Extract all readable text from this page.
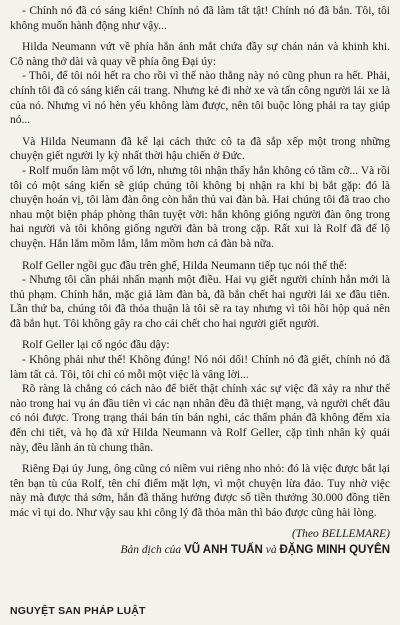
- Chính nó đã có sáng kiến! Chính nó đã làm tất tật! Chính nó đã bắn. Tôi, tôi không muốn hành động như vậy...

Hilda Neumann vứt về phía hắn ánh mắt chứa đầy sự chán nản và khinh khi. Cô nàng thở dài và quay về phía ông Đại úy:

- Thôi, để tôi nói hết ra cho rồi vì thế nào thằng này nó cũng phun ra hết. Phải, chính tôi đã có sáng kiến cái trang. Nhưng kẻ đi nhờ xe và tấn công người lái xe là của nó. Nhưng vì nó hèn yếu không làm được, nên tôi buộc lòng phải ra tay giúp nó...

Và Hilda Neumann đã kể lại cách thức cô ta đã sắp xếp một trong những chuyện giết người ly kỳ nhất thời hậu chiến ở Đức.

- Rolf muốn làm một vố lớn, nhưng tôi nhận thấy hắn không có tầm cỡ... Và rồi tôi có một sáng kiến sẽ giúp chúng tôi không bị nhận ra khi bị bắt gặp: đó là chuyện hoán vị, tôi làm đàn ông còn hắn thủ vai đàn bà. Hai chúng tôi đã trao cho nhau một biện pháp phòng thân tuyệt vời: hắn không giống người đàn ông trong hai người và tôi không giống người đàn bà trong cặp. Rất xui là Rolf đã để lộ chuyện. Hắn lắm mồm lắm, lắm mồm hơn cả đàn bà nữa.

Rolf Geller ngồi gục đầu trên ghế, Hilda Neumann tiếp tục nói thế thế:

- Nhưng tôi cần phải nhấn mạnh một điều. Hai vụ giết người chính hắn mới là thủ phạm. Chính hắn, mặc giả làm đàn bà, đã bắn chết hai người lái xe đầu tiên. Lần thứ ba, chúng tôi đã thỏa thuận là tôi sẽ ra tay nhưng vì tôi hồi hộp quá nên đã bắn hụt. Tôi không gây ra cho cái chết cho hai người giết người.

Rolf Geller lại cố ngóc đầu dậy:

- Không phải như thế! Không đúng! Nó nói dối! Chính nó đã giết, chính nó đã làm tất cả. Tôi, tôi chỉ có mỗi một việc là vâng lời...

Rõ ràng là chẳng có cách nào để biết thật chính xác sự việc đã xảy ra như thế nào trong hai vụ án đầu tiên vì các nạn nhân đều đã thiệt mạng, và người chết đâu có nói được. Trong trạng thái bán tín bán nghi, các thẩm phán đã không đếm xỉa đến chi tiết, và họ đã xử Hilda Neumann và Rolf Geller, cặp tình nhân kỳ quái này, đều lãnh án tù chung thân.

Riêng Đại úy Jung, ông cũng có niềm vui riêng nho nhỏ: đó là việc được bắt lại tên bạn tù của Rolf, tên chỉ điểm mặt lợn, vì một chuyện lừa đảo. Tuy nhờ việc này mà được thả sớm, hắn đã thăng hưởng được số tiền thưởng 30.000 đồng tiền mác vì tụi do. Như vậy sau khi công lý đã thỏa mãn thì báo được cũng hài lòng.

(Theo BELLEMARE)
Bản dịch của VŨ ANH TUẤN và ĐẶNG MINH QUYÊN
NGUYỆT SAN PHÁP LUẬT
